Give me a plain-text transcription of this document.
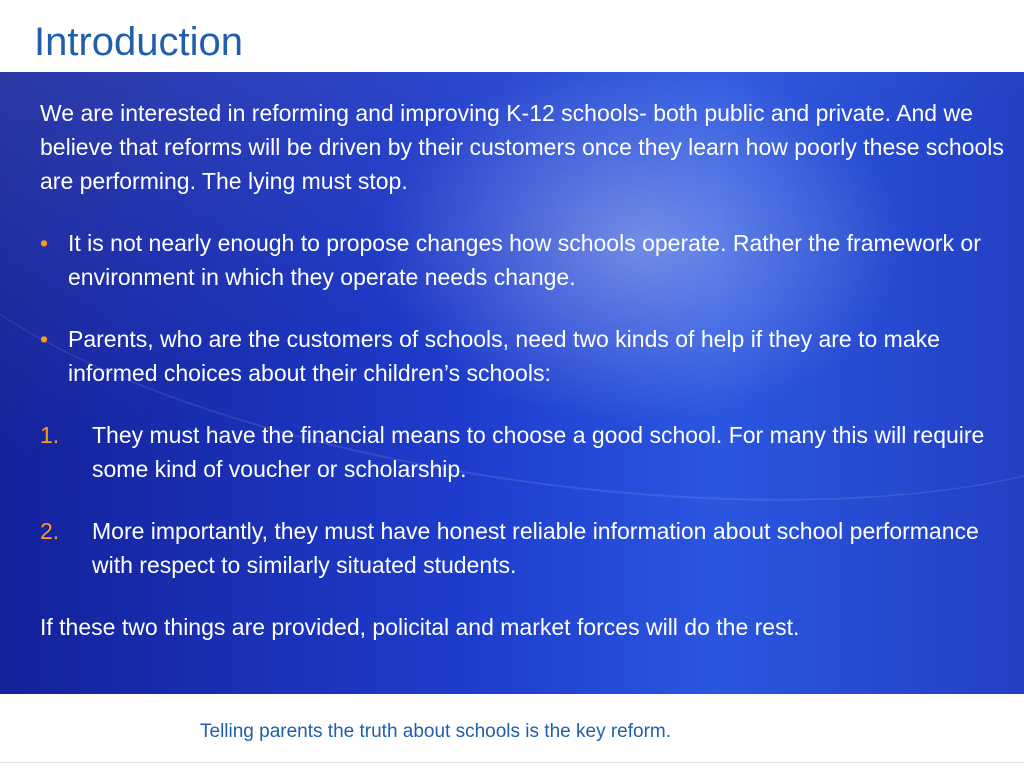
Introduction

We are interested in reforming and improving K-12 schools- both public and private. And we believe that reforms will be driven by their customers once they learn how poorly these schools are performing. The lying must stop.

• It is not nearly enough to propose changes how schools operate. Rather the framework or environment in which they operate needs change.
• Parents, who are the customers of schools, need two kinds of help if they are to make informed choices about their children’s schools:
1. They must have the financial means to choose a good school. For many this will require some kind of voucher or scholarship.
2. More importantly, they must have honest reliable information about school performance with respect to similarly situated students.

If these two things are provided, policital and market forces will do the rest.

Telling parents the truth about schools is the key reform.
